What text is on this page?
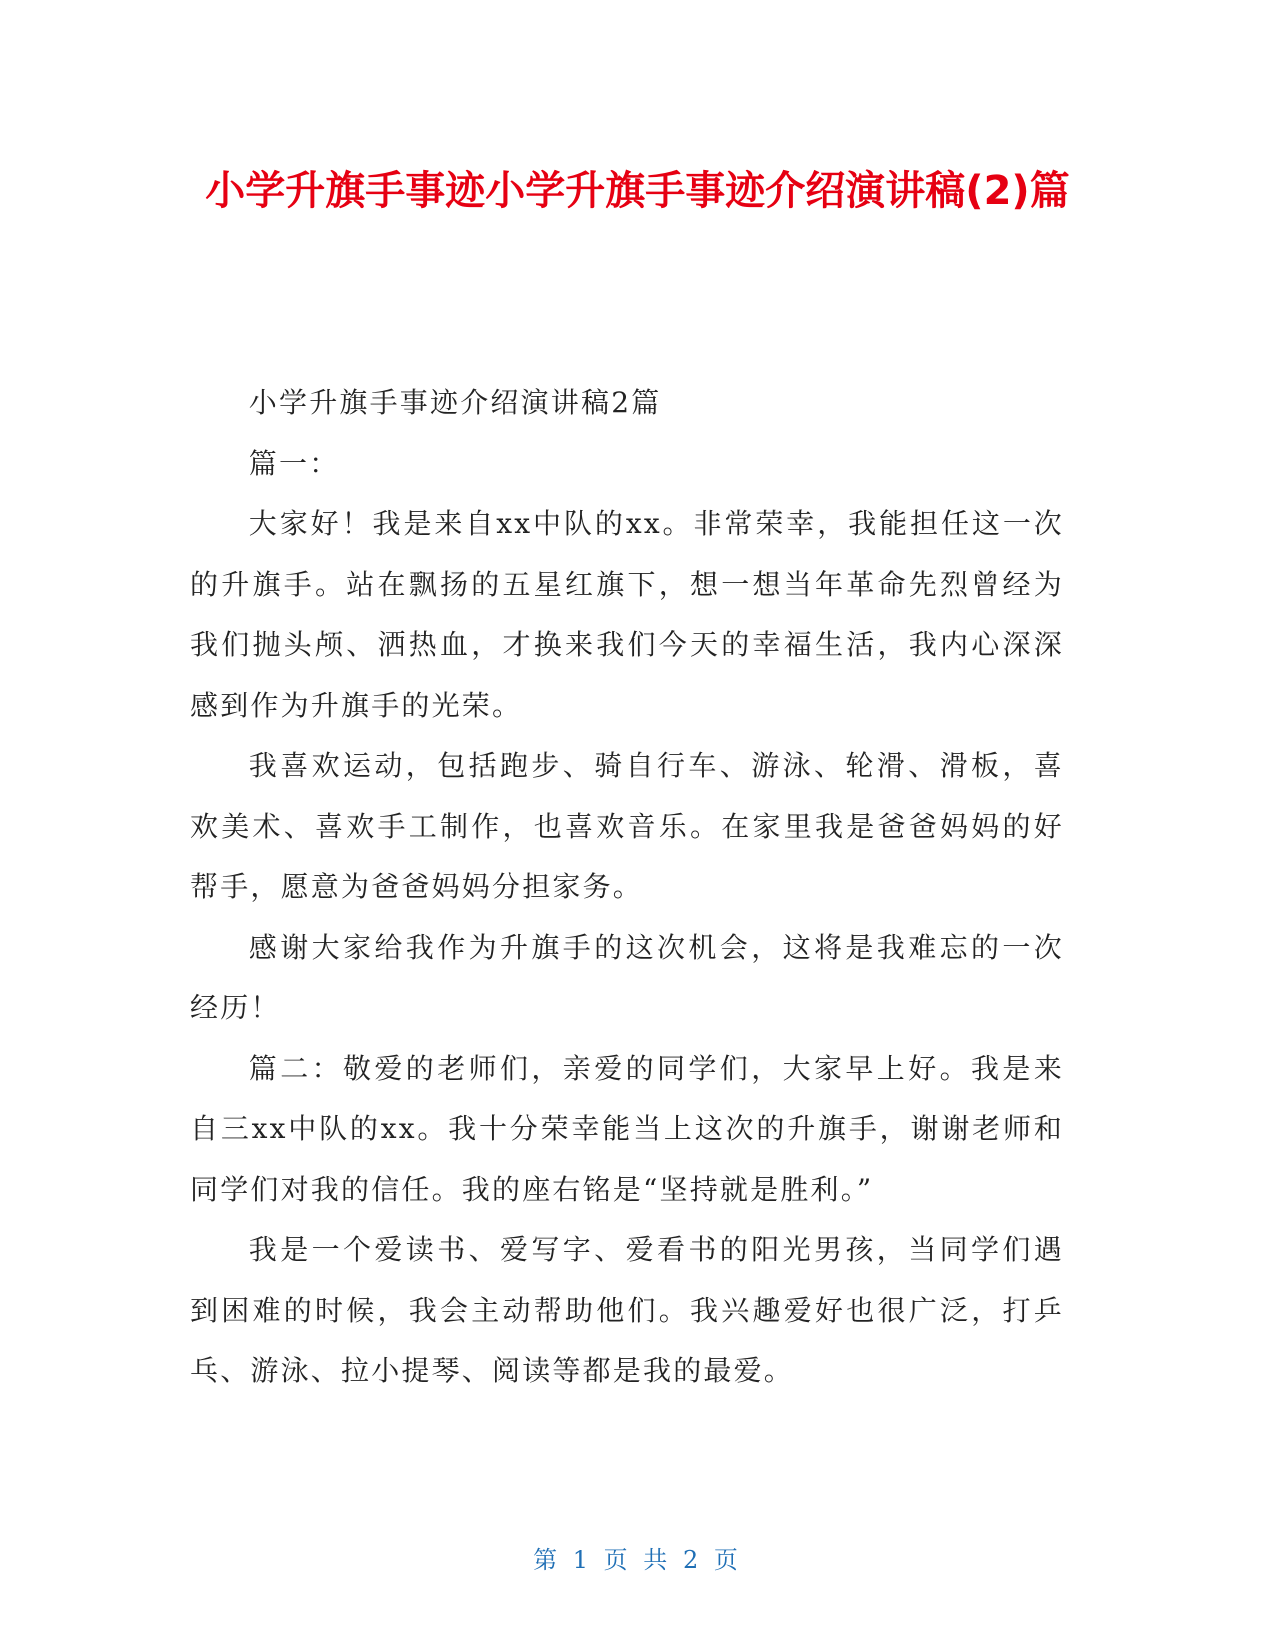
小学升旗手事迹小学升旗手事迹介绍演讲稿(2)篇

小学升旗手事迹介绍演讲稿2篇

篇一：

大家好！我是来自xx中队的xx。非常荣幸，我能担任这一次的升旗手。站在飘扬的五星红旗下，想一想当年革命先烈曾经为我们抛头颅、洒热血，才换来我们今天的幸福生活，我内心深深感到作为升旗手的光荣。

我喜欢运动，包括跑步、骑自行车、游泳、轮滑、滑板，喜欢美术、喜欢手工制作，也喜欢音乐。在家里我是爸爸妈妈的好帮手，愿意为爸爸妈妈分担家务。

感谢大家给我作为升旗手的这次机会，这将是我难忘的一次经历！

篇二：敬爱的老师们，亲爱的同学们，大家早上好。我是来自三xx中队的xx。我十分荣幸能当上这次的升旗手，谢谢老师和同学们对我的信任。我的座右铭是“坚持就是胜利。”

我是一个爱读书、爱写字、爱看书的阳光男孩，当同学们遇到困难的时候，我会主动帮助他们。我兴趣爱好也很广泛，打乒乓、游泳、拉小提琴、阅读等都是我的最爱。

第 1 页 共 2 页
